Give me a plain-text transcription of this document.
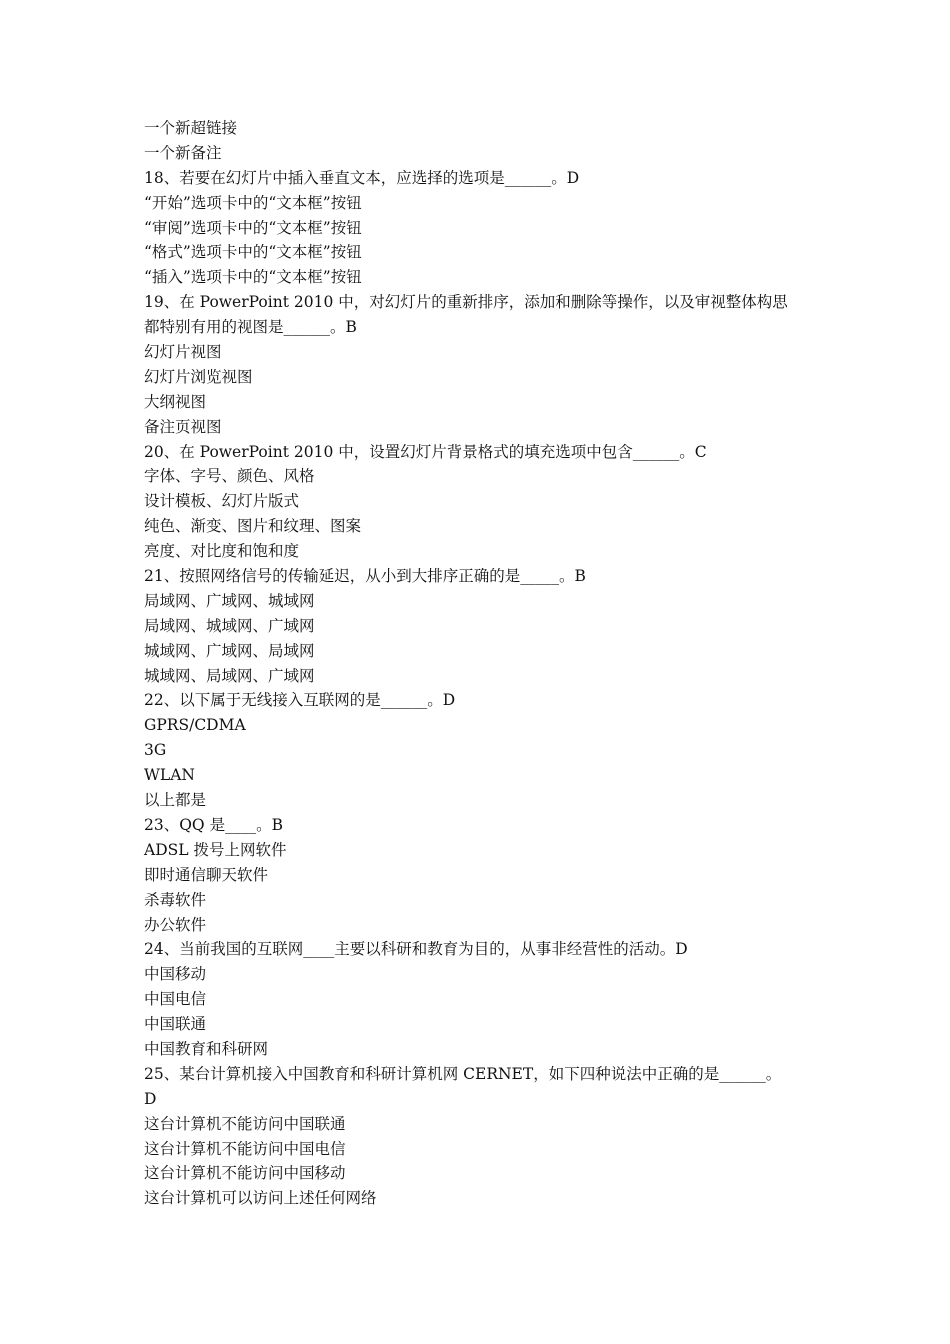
一个新超链接
一个新备注
18、若要在幻灯片中插入垂直文本，应选择的选项是______。D
“开始”选项卡中的“文本框”按钮
“审阅”选项卡中的“文本框”按钮
“格式”选项卡中的“文本框”按钮
“插入”选项卡中的“文本框”按钮
19、在 PowerPoint 2010 中，对幻灯片的重新排序，添加和删除等操作，以及审视整体构思
都特别有用的视图是______。B
幻灯片视图
幻灯片浏览视图
大纲视图
备注页视图
20、在 PowerPoint 2010 中，设置幻灯片背景格式的填充选项中包含______。C
字体、字号、颜色、风格
设计模板、幻灯片版式
纯色、渐变、图片和纹理、图案
亮度、对比度和饱和度
21、按照网络信号的传输延迟，从小到大排序正确的是_____。B
局域网、广域网、城域网
局域网、城域网、广域网
城域网、广域网、局域网
城域网、局域网、广域网
22、以下属于无线接入互联网的是______。D
GPRS/CDMA
3G
WLAN
以上都是
23、QQ 是____。B
ADSL 拨号上网软件
即时通信聊天软件
杀毒软件
办公软件
24、当前我国的互联网____主要以科研和教育为目的，从事非经营性的活动。D
中国移动
中国电信
中国联通
中国教育和科研网
25、某台计算机接入中国教育和科研计算机网 CERNET，如下四种说法中正确的是______。
D
这台计算机不能访问中国联通
这台计算机不能访问中国电信
这台计算机不能访问中国移动
这台计算机可以访问上述任何网络
